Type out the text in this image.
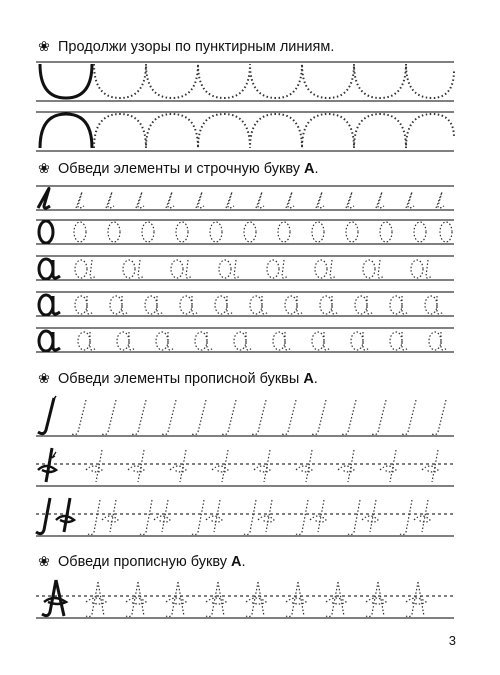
❀ Продолжи узоры по пунктирным линиям.
❀ Обведи элементы и строчную букву А.
❀ Обведи элементы прописной буквы А.
❀ Обведи прописную букву А.
3
